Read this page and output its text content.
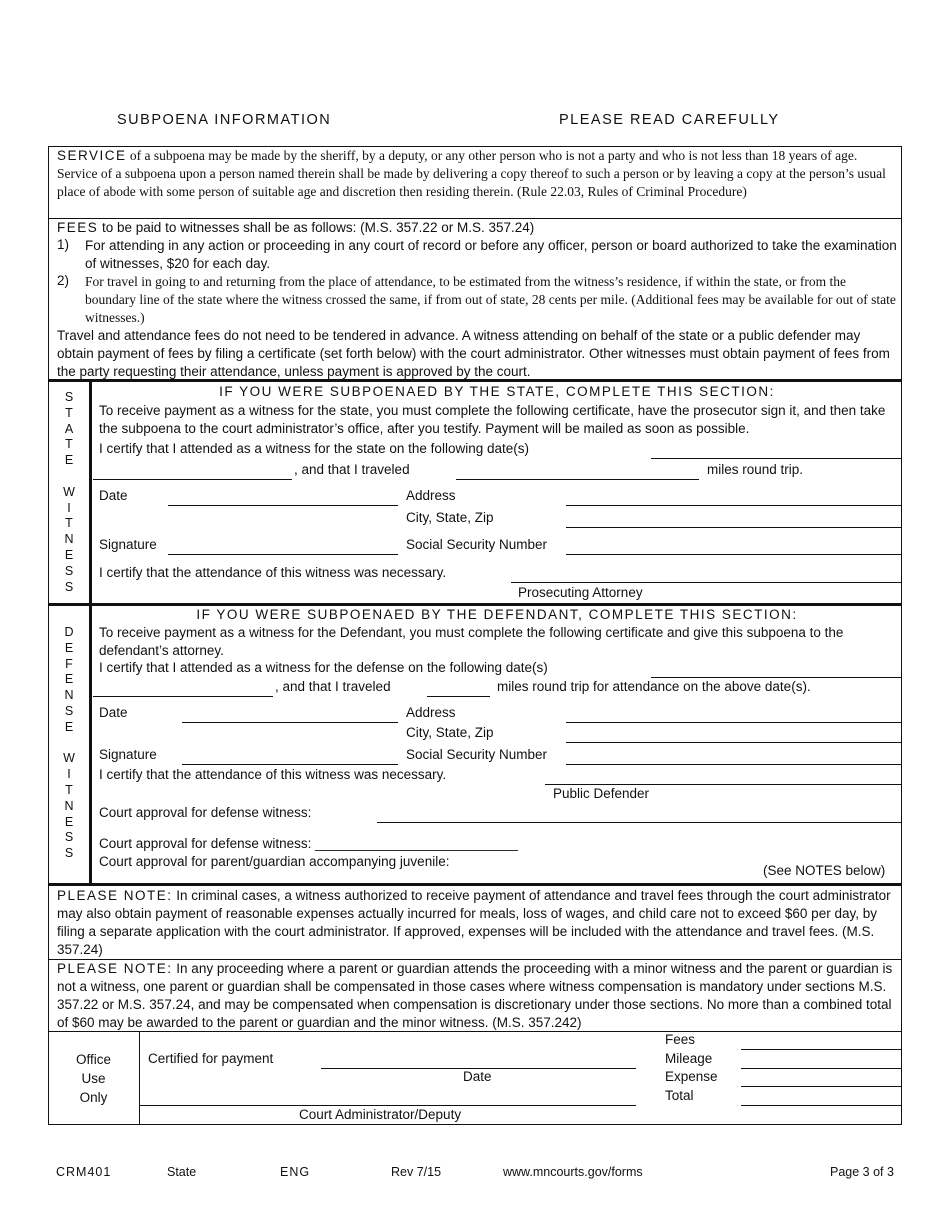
SUBPOENA INFORMATION	PLEASE READ CAREFULLY
SERVICE of a subpoena may be made by the sheriff, by a deputy, or any other person who is not a party and who is not less than 18 years of age. Service of a subpoena upon a person named therein shall be made by delivering a copy thereof to such a person or by leaving a copy at the person’s usual place of abode with some person of suitable age and discretion then residing therein. (Rule 22.03, Rules of Criminal Procedure)
FEES to be paid to witnesses shall be as follows: (M.S. 357.22 or M.S. 357.24)
1) For attending in any action or proceeding in any court of record or before any officer, person or board authorized to take the examination of witnesses, $20 for each day.
2) For travel in going to and returning from the place of attendance, to be estimated from the witness’s residence, if within the state, or from the boundary line of the state where the witness crossed the same, if from out of state, 28 cents per mile. (Additional fees may be available for out of state witnesses.)
Travel and attendance fees do not need to be tendered in advance. A witness attending on behalf of the state or a public defender may obtain payment of fees by filing a certificate (set forth below) with the court administrator. Other witnesses must obtain payment of fees from the party requesting their attendance, unless payment is approved by the court.
S
T
A
T
E
W
I
T
N
E
S
S
IF YOU WERE SUBPOENAED BY THE STATE, COMPLETE THIS SECTION:
To receive payment as a witness for the state, you must complete the following certificate, have the prosecutor sign it, and then take the subpoena to the court administrator’s office, after you testify. Payment will be mailed as soon as possible.
I certify that I attended as a witness for the state on the following date(s)
, and that I traveled	miles round trip.
Date	Address
City, State, Zip
Signature	Social Security Number
I certify that the attendance of this witness was necessary.
Prosecuting Attorney
D
E
F
E
N
S
E
W
I
T
N
E
S
S
IF YOU WERE SUBPOENAED BY THE DEFENDANT, COMPLETE THIS SECTION:
To receive payment as a witness for the Defendant, you must complete the following certificate and give this subpoena to the defendant’s attorney.
I certify that I attended as a witness for the defense on the following date(s)
, and that I traveled	miles round trip for attendance on the above date(s).
Date	Address
City, State, Zip
Signature	Social Security Number
I certify that the attendance of this witness was necessary.
Public Defender
Court approval for defense witness:
Court approval for defense witness: ___________________________
Court approval for parent/guardian accompanying juvenile:
(See NOTES below)
PLEASE NOTE: In criminal cases, a witness authorized to receive payment of attendance and travel fees through the court administrator may also obtain payment of reasonable expenses actually incurred for meals, loss of wages, and child care not to exceed $60 per day, by filing a separate application with the court administrator. If approved, expenses will be included with the attendance and travel fees. (M.S. 357.24)
PLEASE NOTE: In any proceeding where a parent or guardian attends the proceeding with a minor witness and the parent or guardian is not a witness, one parent or guardian shall be compensated in those cases where witness compensation is mandatory under sections M.S. 357.22 or M.S. 357.24, and may be compensated when compensation is discretionary under those sections. No more than a combined total of $60 may be awarded to the parent or guardian and the minor witness. (M.S. 357.242)
Office
Use
Only
Certified for payment
Date
Court Administrator/Deputy
Fees
Mileage
Expense
Total
CRM401	State	ENG	Rev 7/15	www.mncourts.gov/forms	Page 3 of 3
